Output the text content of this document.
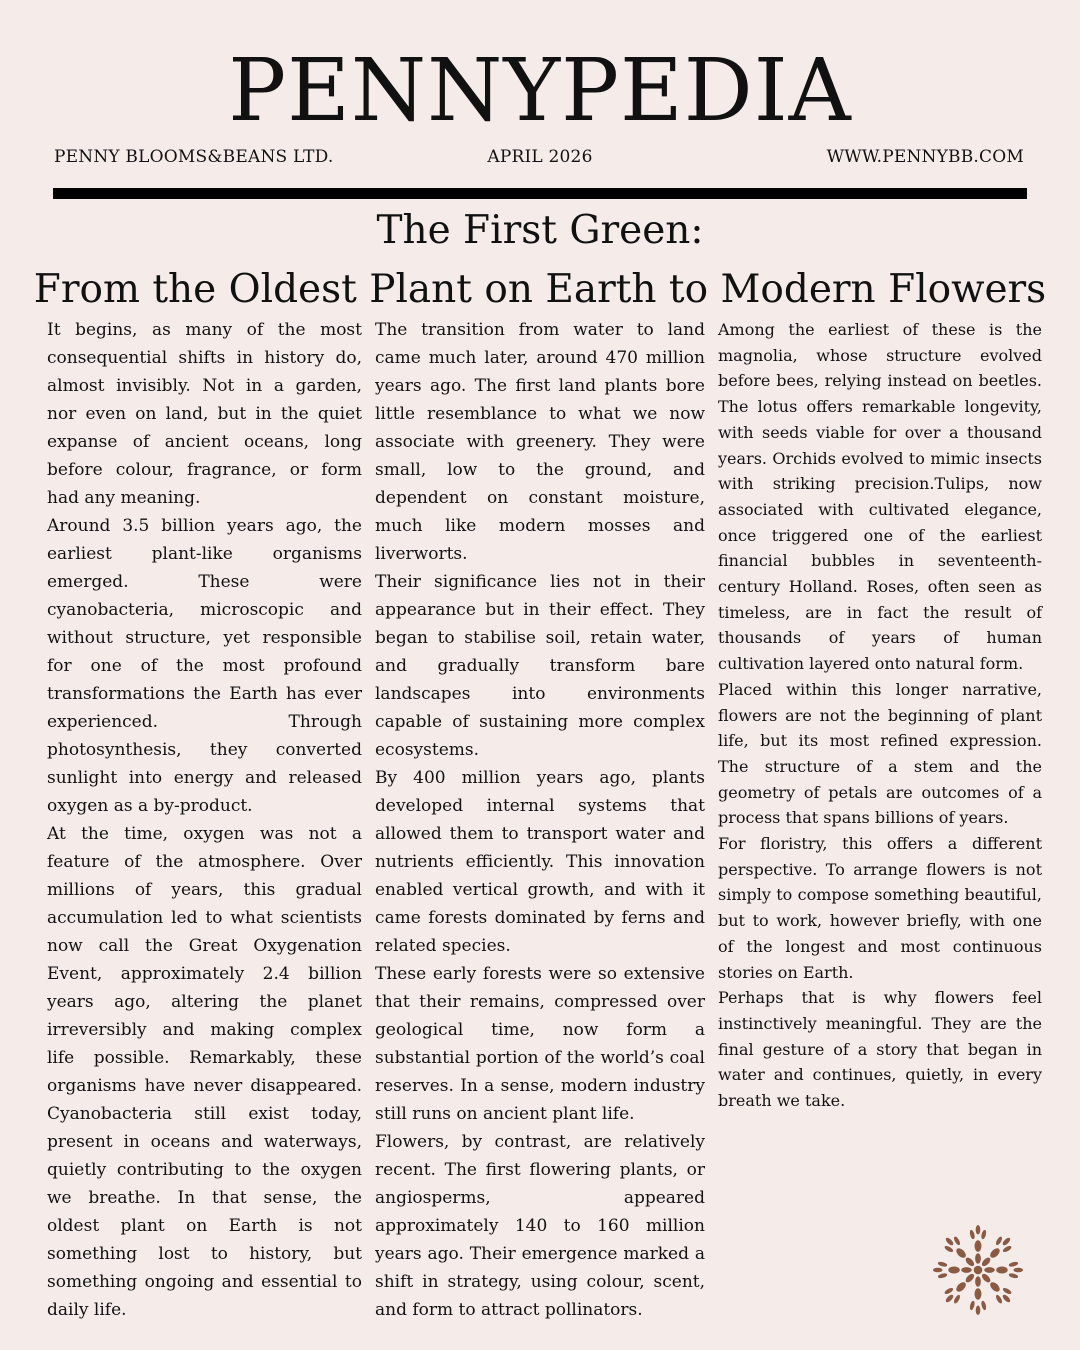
PENNYPEDIA
PENNY BLOOMS&BEANS LTD.	APRIL 2026	WWW.PENNYBB.COM
The First Green:
From the Oldest Plant on Earth to Modern Flowers

It begins, as many of the most consequential shifts in history do, almost invisibly. Not in a garden, nor even on land, but in the quiet expanse of ancient oceans, long before colour, fragrance, or form had any meaning.

Around 3.5 billion years ago, the earliest plant-like organisms emerged. These were cyanobacteria, microscopic and without structure, yet responsible for one of the most profound transformations the Earth has ever experienced. Through photosynthesis, they converted sunlight into energy and released oxygen as a by-product.

At the time, oxygen was not a feature of the atmosphere. Over millions of years, this gradual accumulation led to what scientists now call the Great Oxygenation Event, approximately 2.4 billion years ago, altering the planet irreversibly and making complex life possible. Remarkably, these organisms have never disappeared. Cyanobacteria still exist today, present in oceans and waterways, quietly contributing to the oxygen we breathe. In that sense, the oldest plant on Earth is not something lost to history, but something ongoing and essential to daily life.

The transition from water to land came much later, around 470 million years ago. The first land plants bore little resemblance to what we now associate with greenery. They were small, low to the ground, and dependent on constant moisture, much like modern mosses and liverworts.

Their significance lies not in their appearance but in their effect. They began to stabilise soil, retain water, and gradually transform bare landscapes into environments capable of sustaining more complex ecosystems.

By 400 million years ago, plants developed internal systems that allowed them to transport water and nutrients efficiently. This innovation enabled vertical growth, and with it came forests dominated by ferns and related species.

These early forests were so extensive that their remains, compressed over geological time, now form a substantial portion of the world’s coal reserves. In a sense, modern industry still runs on ancient plant life.

Flowers, by contrast, are relatively recent. The first flowering plants, or angiosperms, appeared approximately 140 to 160 million years ago. Their emergence marked a shift in strategy, using colour, scent, and form to attract pollinators.

Among the earliest of these is the magnolia, whose structure evolved before bees, relying instead on beetles. The lotus offers remarkable longevity, with seeds viable for over a thousand years. Orchids evolved to mimic insects with striking precision.Tulips, now associated with cultivated elegance, once triggered one of the earliest financial bubbles in seventeenth-century Holland. Roses, often seen as timeless, are in fact the result of thousands of years of human cultivation layered onto natural form.

Placed within this longer narrative, flowers are not the beginning of plant life, but its most refined expression. The structure of a stem and the geometry of petals are outcomes of a process that spans billions of years.

For floristry, this offers a different perspective. To arrange flowers is not simply to compose something beautiful, but to work, however briefly, with one of the longest and most continuous stories on Earth.

Perhaps that is why flowers feel instinctively meaningful. They are the final gesture of a story that began in water and continues, quietly, in every breath we take.
